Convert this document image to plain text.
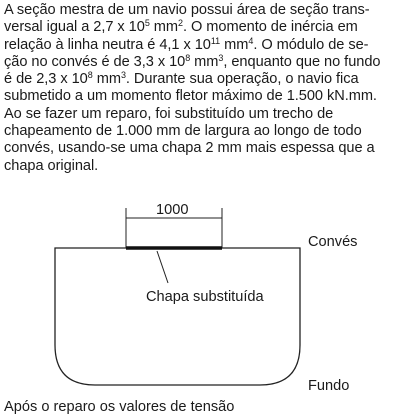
A seção mestra de um navio possui área de seção trans-
versal igual a 2,7 x $10^5$ $mm^2$. O momento de inércia em
relação à linha neutra é 4,1 x $10^{11}$ $mm^4$. O módulo de se-
ção no convés é de 3,3 x $10^8$ $mm^3$, enquanto que no fundo
é de 2,3 x $10^8$ $mm^3$. Durante sua operação, o navio fica
submetido a um momento fletor máximo de 1.500 kN.mm.
Ao se fazer um reparo, foi substituído um trecho de
chapeamento de 1.000 mm de largura ao longo de todo
convés, usando-se uma chapa 2 mm mais espessa que a
chapa original.
1000
Convés
Chapa substituída
Fundo
Após o reparo os valores de tensão
